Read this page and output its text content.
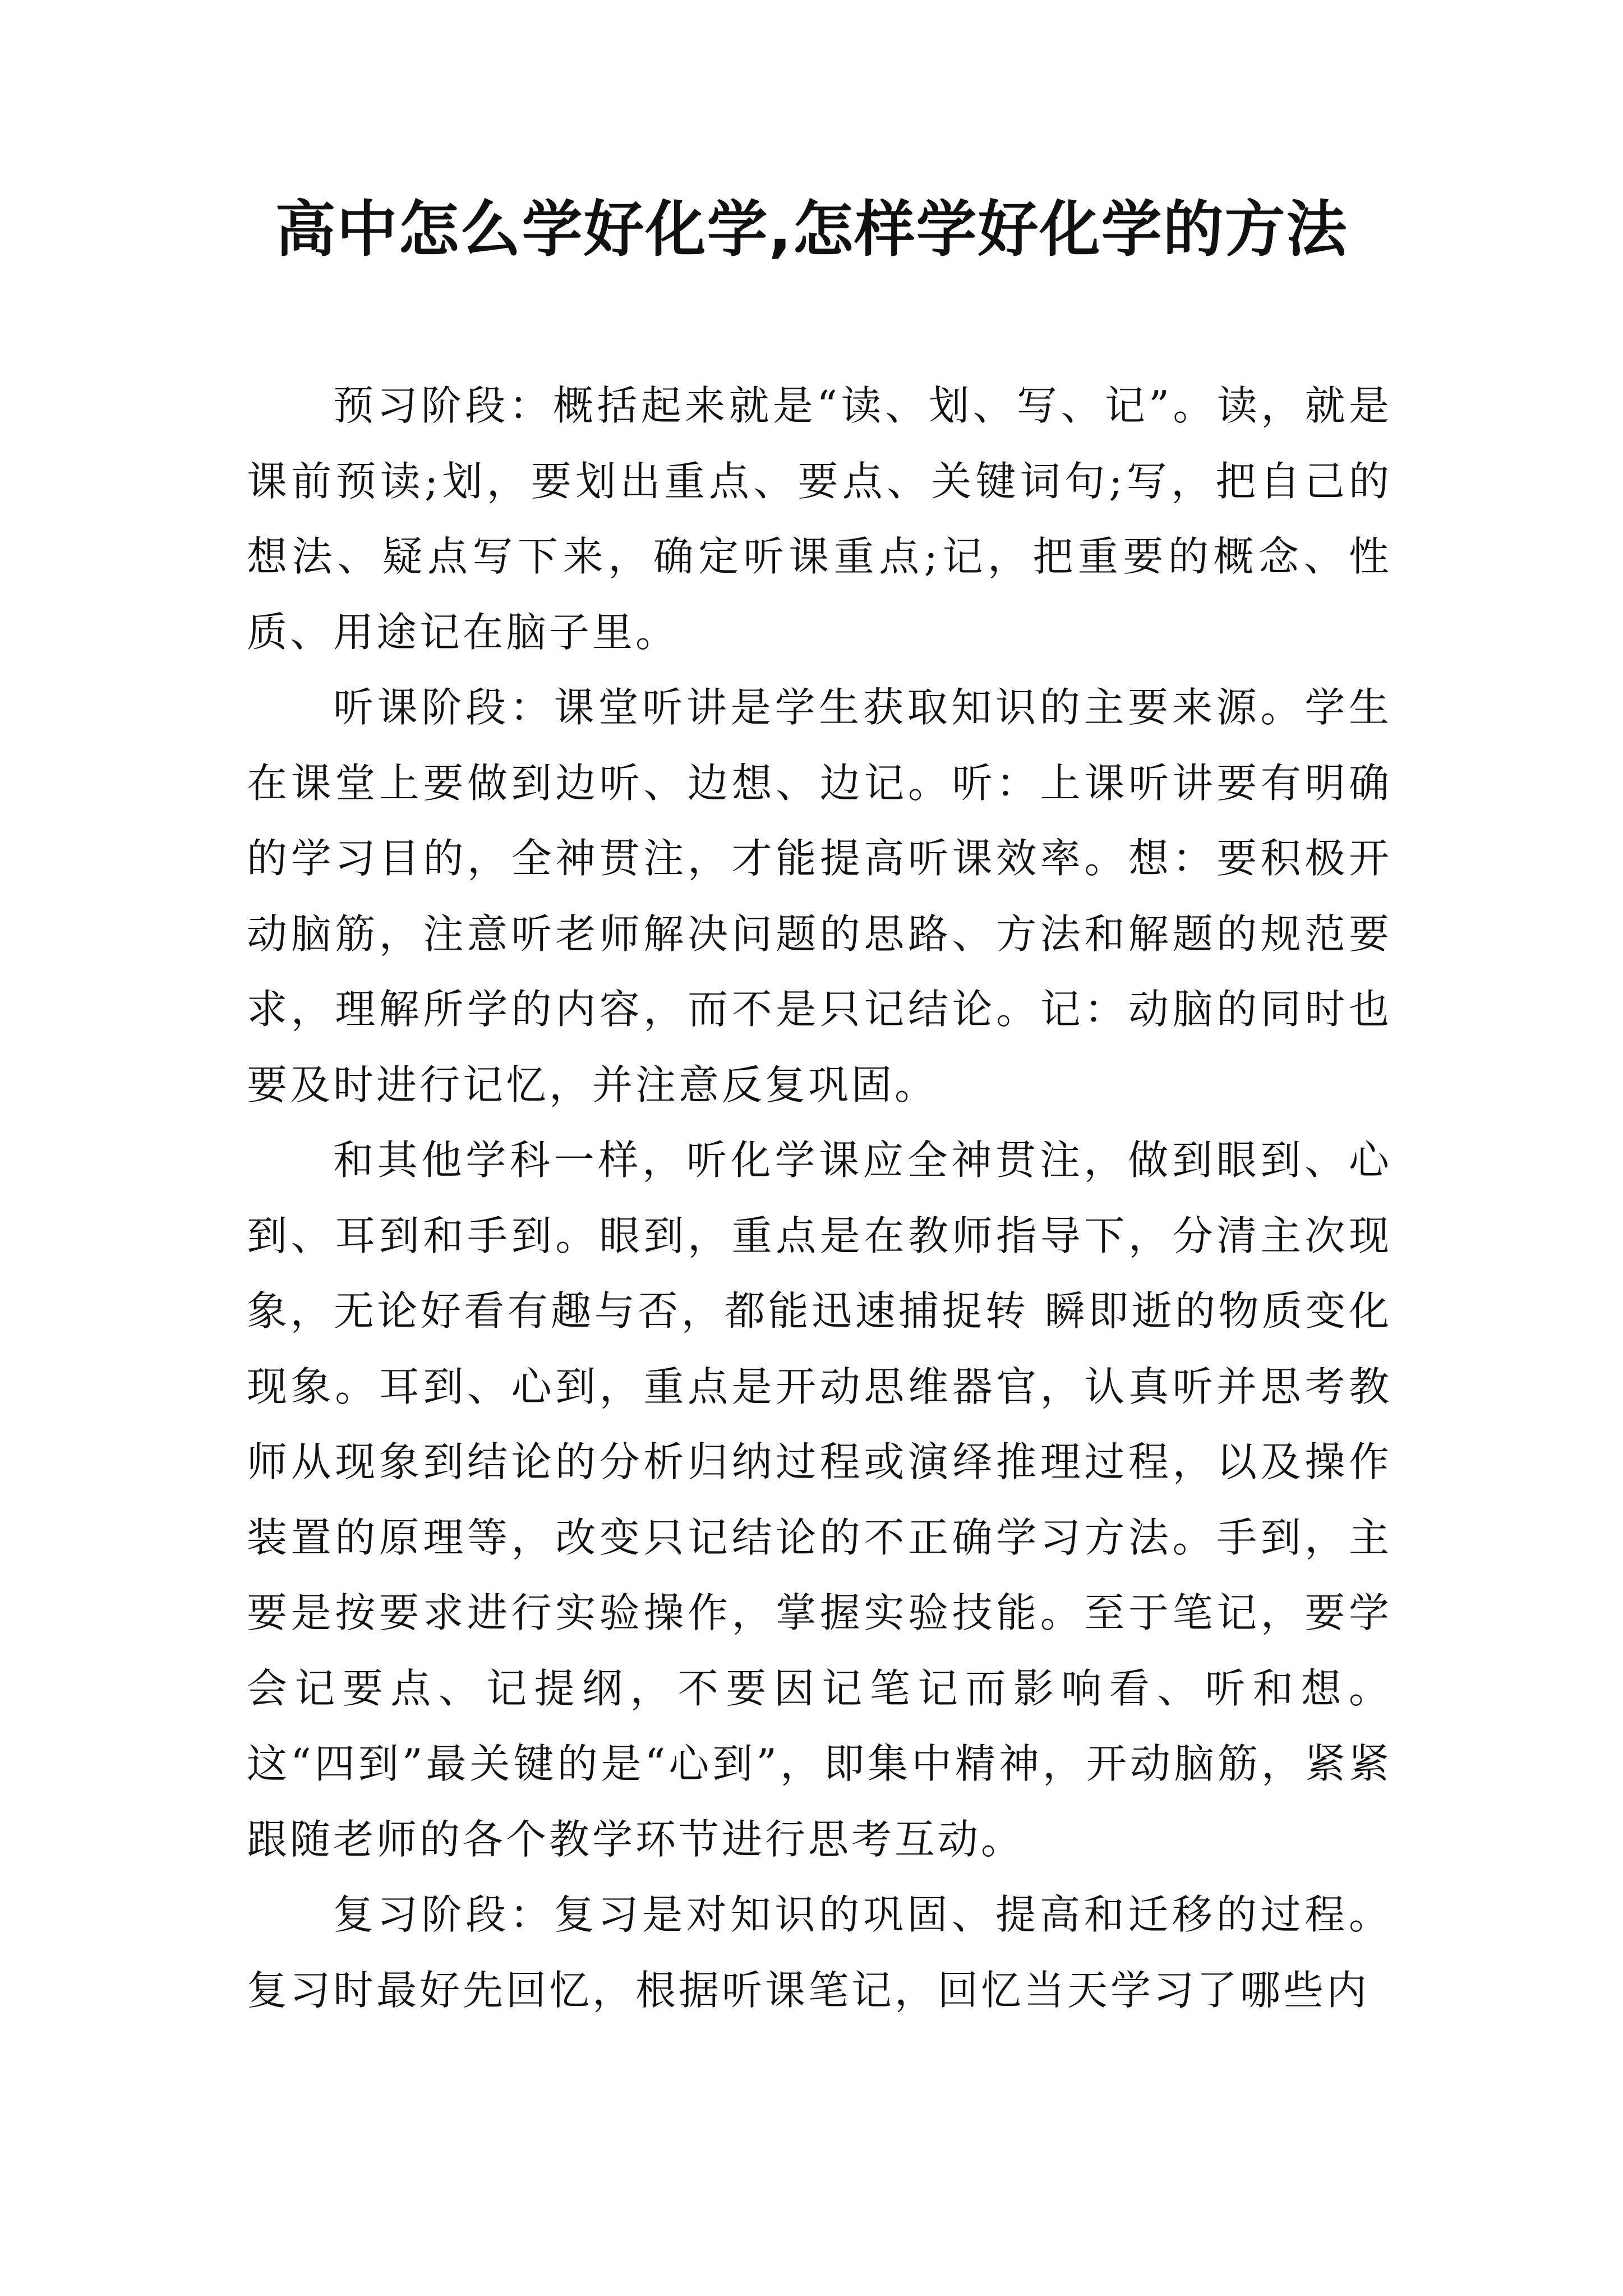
高中怎么学好化学,怎样学好化学的方法

预习阶段：概括起来就是“读、划、写、记”。读，就是课前预读;划，要划出重点、要点、关键词句;写，把自己的想法、疑点写下来，确定听课重点;记，把重要的概念、性质、用途记在脑子里。

听课阶段：课堂听讲是学生获取知识的主要来源。学生在课堂上要做到边听、边想、边记。听：上课听讲要有明确的学习目的，全神贯注，才能提高听课效率。想：要积极开动脑筋，注意听老师解决问题的思路、方法和解题的规范要求，理解所学的内容，而不是只记结论。记：动脑的同时也要及时进行记忆，并注意反复巩固。

和其他学科一样，听化学课应全神贯注，做到眼到、心到、耳到和手到。眼到，重点是在教师指导下，分清主次现象，无论好看有趣与否，都能迅速捕捉转 瞬即逝的物质变化现象。耳到、心到，重点是开动思维器官，认真听并思考教师从现象到结论的分析归纳过程或演绎推理过程，以及操作装置的原理等，改变只记结论的不正确学习方法。手到，主要是按要求进行实验操作，掌握实验技能。至于笔记，要学会记要点、记提纲，不要因记笔记而影响看、听和想。这“四到”最关键的是“心到”，即集中精神，开动脑筋，紧紧跟随老师的各个教学环节进行思考互动。

复习阶段：复习是对知识的巩固、提高和迁移的过程。复习时最好先回忆，根据听课笔记，回忆当天学习了哪些内
